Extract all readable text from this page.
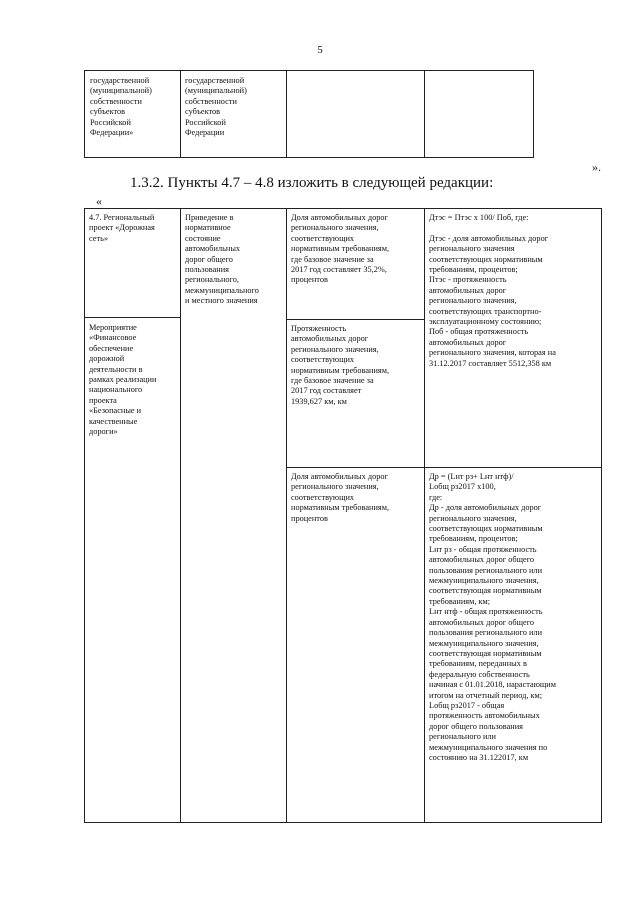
5
государственной
(муниципальной)
собственности
субъектов
Российской
Федерации»
государственной
(муниципальной)
собственности
субъектов
Российской
Федерации
».
1.3.2. Пункты 4.7 – 4.8 изложить в следующей редакции:
«
4.7. Региональный
проект «Дорожная
сеть»
Мероприятие
«Финансовое
обеспечение
дорожной
деятельности в
рамках реализации
национального
проекта
«Безопасные и
качественные
дороги»
Приведение в
нормативное
состояние
автомобильных
дорог общего
пользования
регионального,
межмуниципального
и местного значения
Доля автомобильных дорог
регионального значения,
соответствующих
нормативным требованиям,
где базовое значение за
2017 год составляет 35,2%,
процентов
Протяженность
автомобильных дорог
регионального значения,
соответствующих
нормативным требованиям,
где базовое значение за
2017 год составляет
1939,627 км, км
Дтэс = Птэс х 100/ Поб, где:

Дтэс - доля автомобильных дорог
регионального значения
соответствующих нормативным
требованиям, процентов;
Птэс - протяженность
автомобильных дорог
регионального значения,
соответствующих транспортно-
эксплуатационному состоянию;
Поб - общая протяженность
автомобильных дорог
регионального значения, которая на
31.12.2017 составляет 5512,358 км
Доля автомобильных дорог
регионального значения,
соответствующих
нормативным требованиям,
процентов
Др = (Lнт рз+ Lнт нтф)/
Lобщ рз2017 х100,
где:
Др - доля автомобильных дорог
регионального значения,
соответствующих нормативным
требованиям, процентов;
Lнт рз - общая протяженность
автомобильных дорог общего
пользования регионального или
межмуниципального значения,
соответствующая нормативным
требованиям, км;
Lнт нтф - общая протяженность
автомобильных дорог общего
пользования регионального или
межмуниципального значения,
соответствующая нормативным
требованиям, переданных в
федеральную собственность
начиная с 01.01.2018, нарастающим
итогом на отчетный период, км;
Lобщ рз2017 - общая
протяженность автомобильных
дорог общего пользования
регионального или
межмуниципального значения по
состоянию на 31.122017, км
